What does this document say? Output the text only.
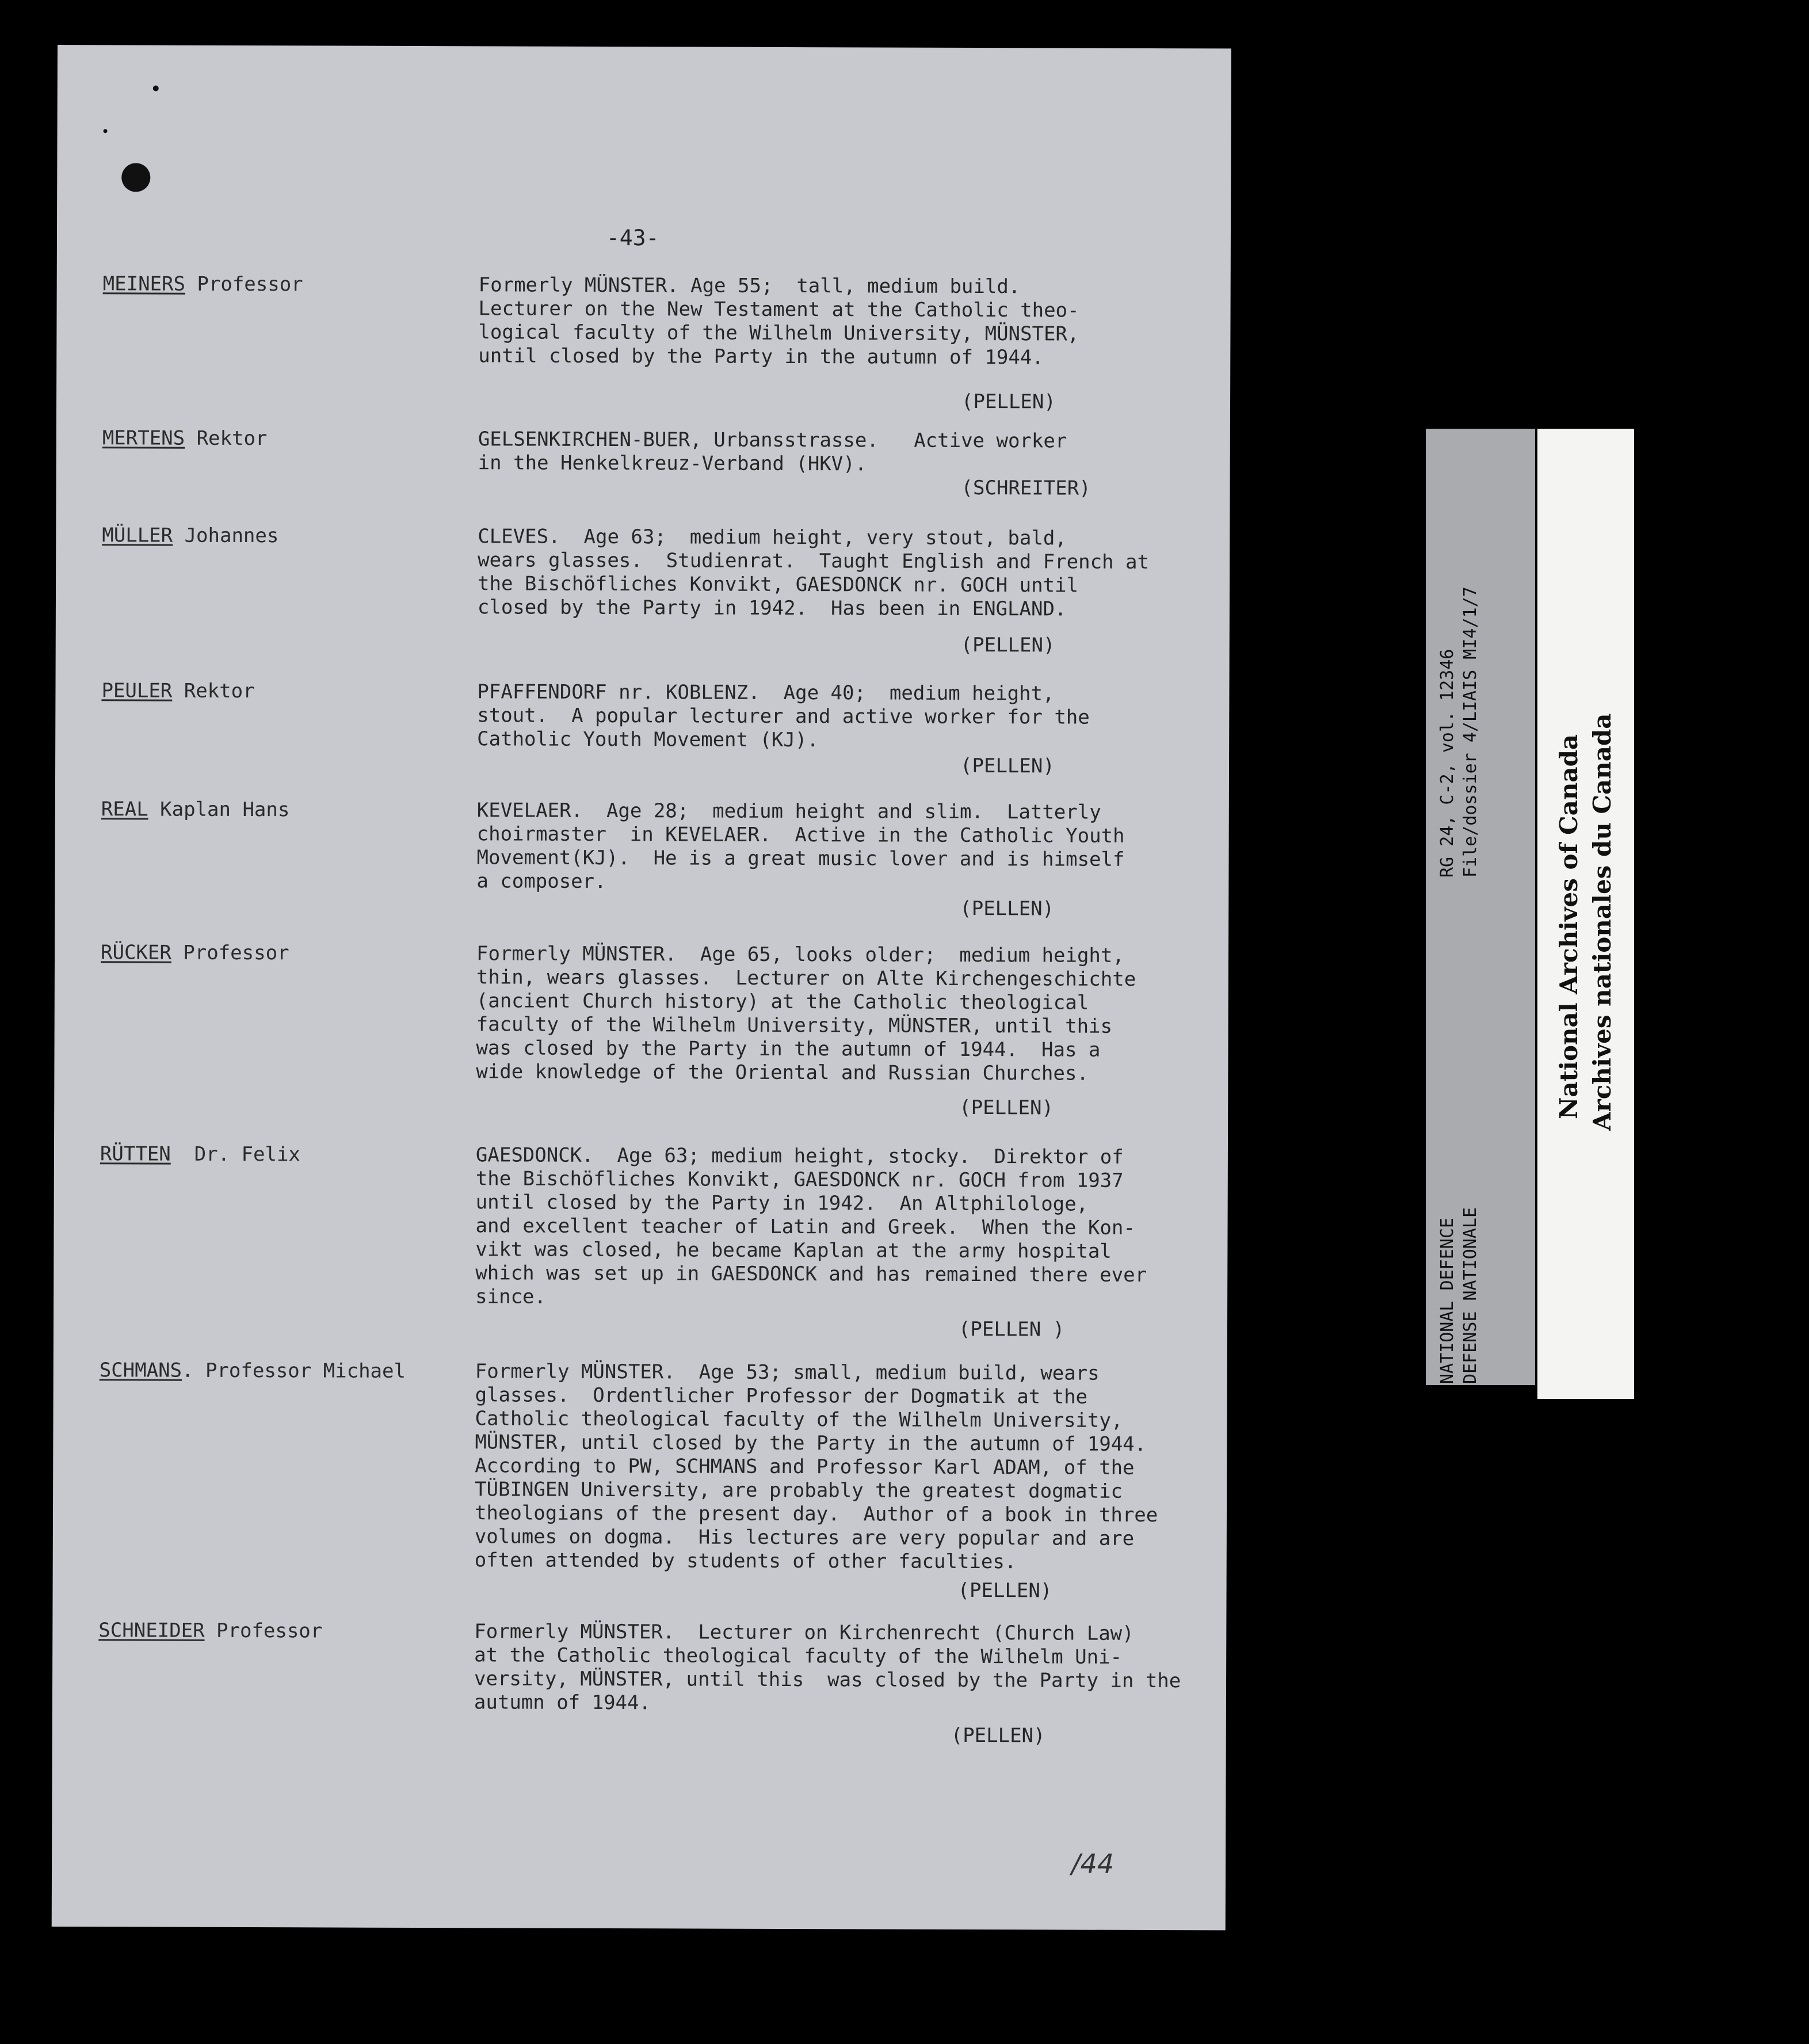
-43-
MEINERS Professor	Formerly MÜNSTER. Age 55;  tall, medium build.
Lecturer on the New Testament at the Catholic theo-
logical faculty of the Wilhelm University, MÜNSTER,
until closed by the Party in the autumn of 1944.
(PELLEN)
MERTENS Rektor	GELSENKIRCHEN-BUER, Urbansstrasse.   Active worker
in the Henkelkreuz-Verband (HKV).
(SCHREITER)
MÜLLER Johannes	CLEVES.  Age 63;  medium height, very stout, bald,
wears glasses.  Studienrat.  Taught English and French at
the Bischöfliches Konvikt, GAESDONCK nr. GOCH until
closed by the Party in 1942.  Has been in ENGLAND.
(PELLEN)
PEULER Rektor	PFAFFENDORF nr. KOBLENZ.  Age 40;  medium height,
stout.  A popular lecturer and active worker for the
Catholic Youth Movement (KJ).
(PELLEN)
REAL Kaplan Hans	KEVELAER.  Age 28;  medium height and slim.  Latterly
choirmaster  in KEVELAER.  Active in the Catholic Youth
Movement(KJ).  He is a great music lover and is himself
a composer.
(PELLEN)
RÜCKER Professor	Formerly MÜNSTER.  Age 65, looks older;  medium height,
thin, wears glasses.  Lecturer on Alte Kirchengeschichte
(ancient Church history) at the Catholic theological
faculty of the Wilhelm University, MÜNSTER, until this
was closed by the Party in the autumn of 1944.  Has a
wide knowledge of the Oriental and Russian Churches.
(PELLEN)
RÜTTEN  Dr. Felix	GAESDONCK.  Age 63; medium height, stocky.  Direktor of
the Bischöfliches Konvikt, GAESDONCK nr. GOCH from 1937
until closed by the Party in 1942.  An Altphilologe,
and excellent teacher of Latin and Greek.  When the Kon-
vikt was closed, he became Kaplan at the army hospital
which was set up in GAESDONCK and has remained there ever
since.
(PELLEN )
SCHMANS. Professor Michael	Formerly MÜNSTER.  Age 53; small, medium build, wears
glasses.  Ordentlicher Professor der Dogmatik at the
Catholic theological faculty of the Wilhelm University,
MÜNSTER, until closed by the Party in the autumn of 1944.
According to PW, SCHMANS and Professor Karl ADAM, of the
TÜBINGEN University, are probably the greatest dogmatic
theologians of the present day.  Author of a book in three
volumes on dogma.  His lectures are very popular and are
often attended by students of other faculties.
(PELLEN)
SCHNEIDER Professor	Formerly MÜNSTER.  Lecturer on Kirchenrecht (Church Law)
at the Catholic theological faculty of the Wilhelm Uni-
versity, MÜNSTER, until this  was closed by the Party in the
autumn of 1944.
(PELLEN)
/44
RG 24, C-2, vol. 12346 File/dossier 4/LIAIS MI4/1/7
NATIONAL DEFENCE DEFENSE NATIONALE
National Archives of Canada Archives nationales du Canada
